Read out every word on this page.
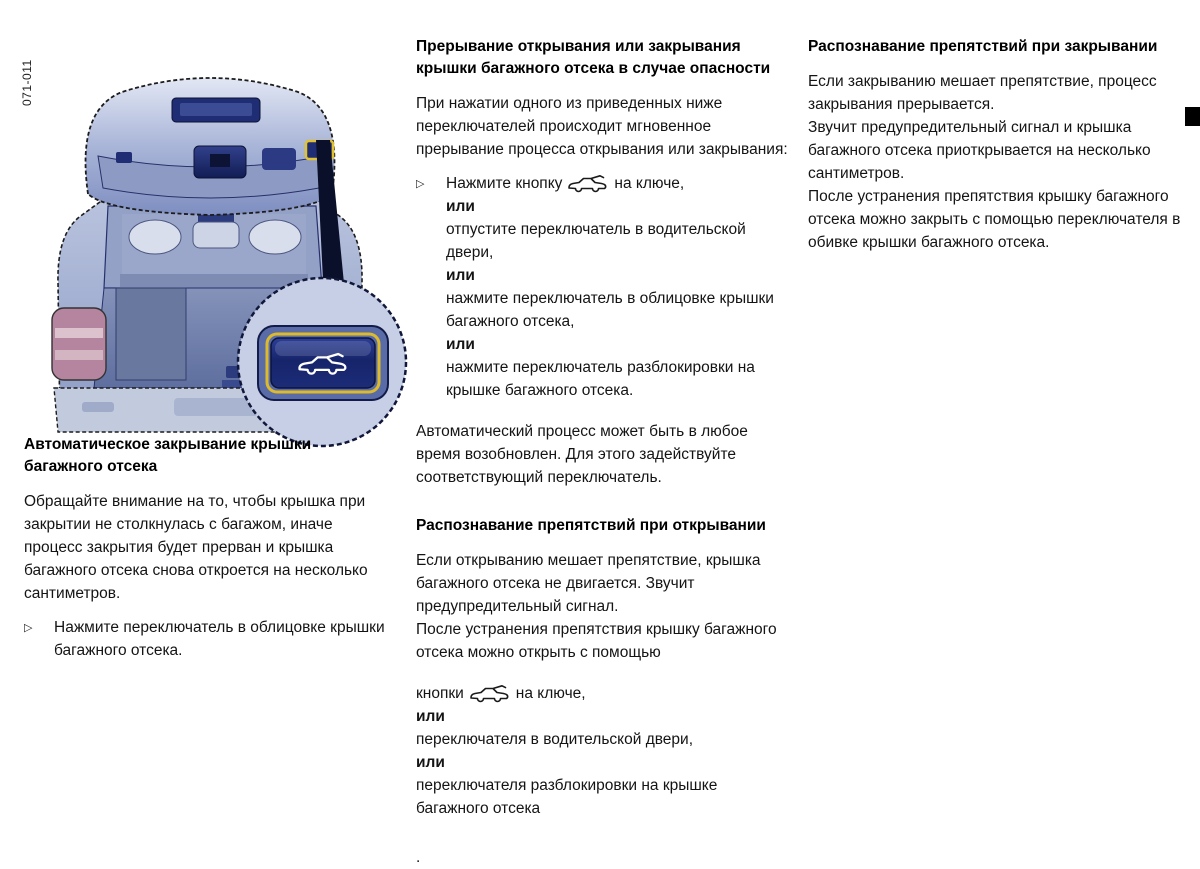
071-011
Автоматическое закрывание крышки багажного отсека
Обращайте внимание на то, чтобы крышка при закрытии не столкнулась с багажом, иначе процесс закрытия будет прерван и крышка багажного отсека снова откроется на несколько сантиметров.
▷	Нажмите переключатель в облицовке крышки багажного отсека.
Прерывание открывания или закрывания крышки багажного отсека в случае опасности
При нажатии одного из приведенных ниже переключателей происходит мгновенное прерывание процесса открывания или закрывания:
▷	Нажмите кнопку	на ключе,
или
отпустите переключатель в водительской двери,
или
нажмите переключатель в облицовке крышки багажного отсека,
или
нажмите переключатель разблокировки на крышке багажного отсека.
Автоматический процесс может быть в любое время возобновлен. Для этого задействуйте соответствующий переключатель.
Распознавание препятствий при открывании
Если открыванию мешает препятствие, крышка багажного отсека не двигается. Звучит предупредительный сигнал.
После устранения препятствия крышку багажного отсека можно открыть с помощью
кнопки	на ключе,
или
переключателя в водительской двери,
или
переключателя разблокировки на крышке багажного отсека
.
Распознавание препятствий при закрывании
Если закрыванию мешает препятствие, процесс закрывания прерывается.
Звучит предупредительный сигнал и крышка багажного отсека приоткрывается на несколько сантиметров.
После устранения препятствия крышку багажного отсека можно закрыть с помощью переключателя в обивке крышки багажного отсека.
